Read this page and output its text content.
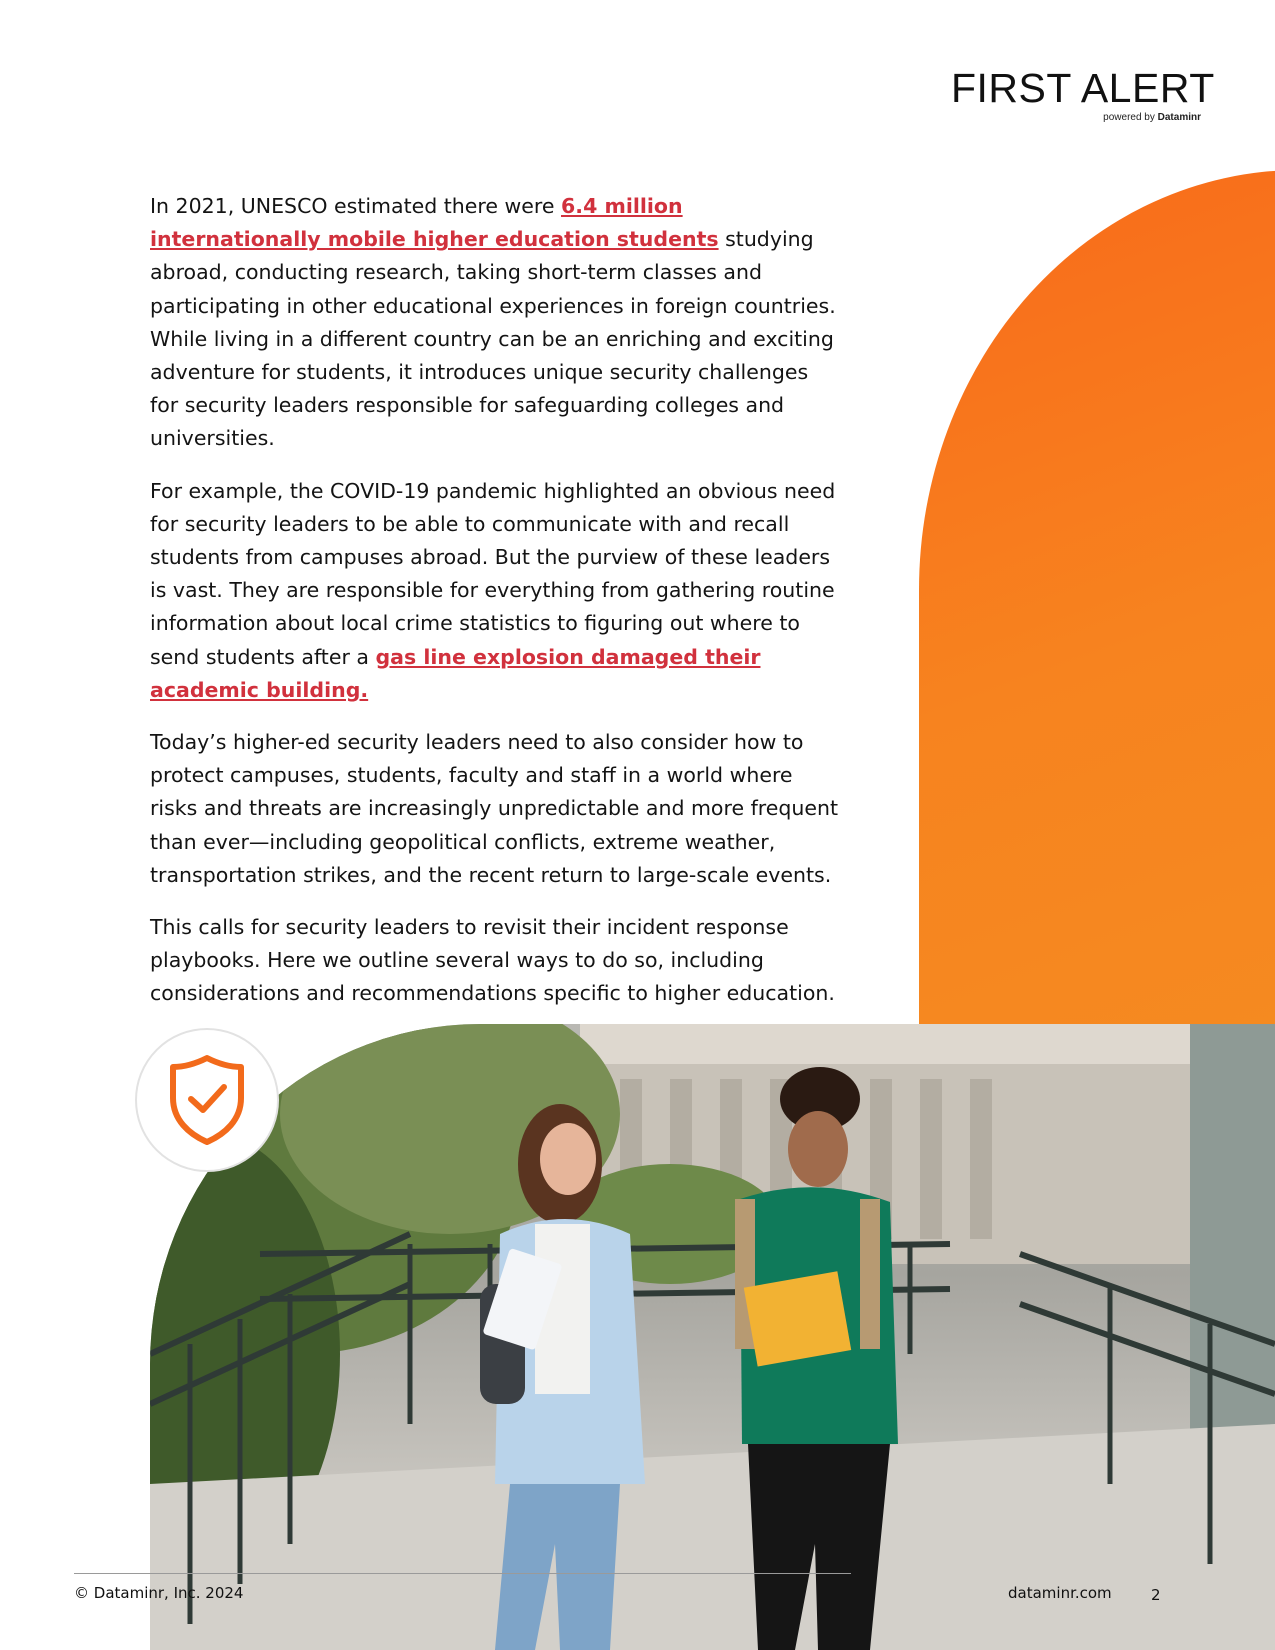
FIRST ALERT
powered by Dataminr

In 2021, UNESCO estimated there were 6.4 million internationally mobile higher education students studying abroad, conducting research, taking short-term classes and participating in other educational experiences in foreign countries. While living in a different country can be an enriching and exciting adventure for students, it introduces unique security challenges for security leaders responsible for safeguarding colleges and universities.

For example, the COVID-19 pandemic highlighted an obvious need for security leaders to be able to communicate with and recall students from campuses abroad. But the purview of these leaders is vast. They are responsible for everything from gathering routine information about local crime statistics to figuring out where to send students after a gas line explosion damaged their academic building.

Today’s higher-ed security leaders need to also consider how to protect campuses, students, faculty and staff in a world where risks and threats are increasingly unpredictable and more frequent than ever—including geopolitical conflicts, extreme weather, transportation strikes, and the recent return to large-scale events.

This calls for security leaders to revisit their incident response playbooks. Here we outline several ways to do so, including considerations and recommendations specific to higher education.

© Dataminr, Inc. 2024	dataminr.com	2
